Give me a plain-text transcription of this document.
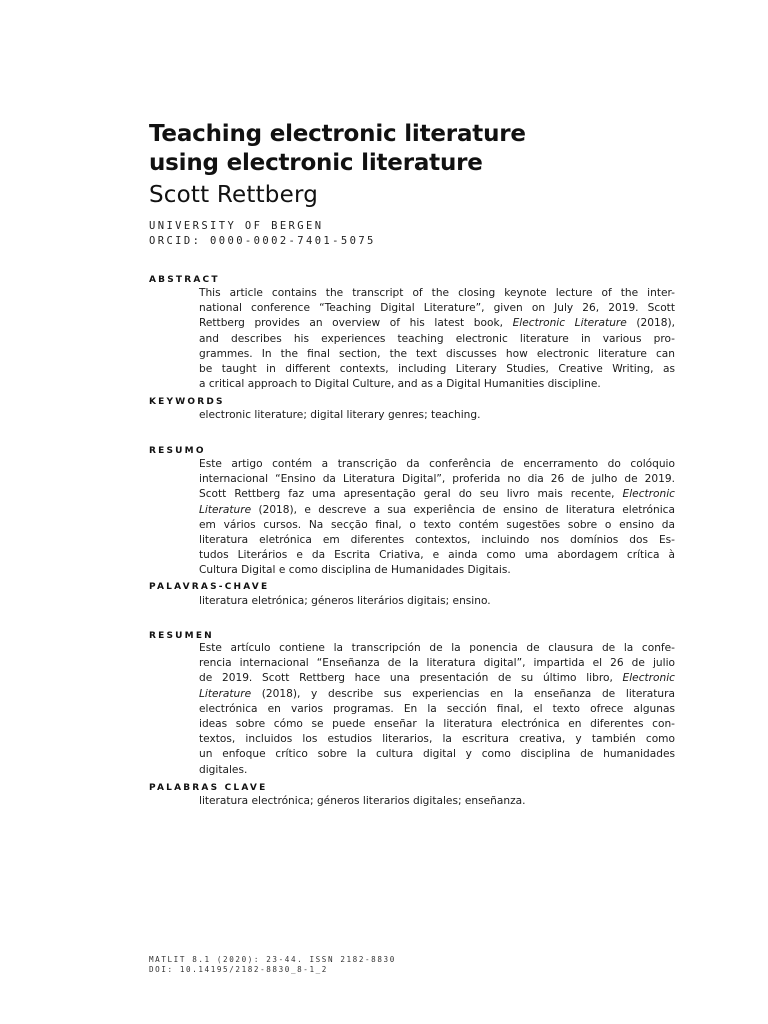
Teaching electronic literature
using electronic literature
Scott Rettberg
UNIVERSITY OF BERGEN
ORCID: 0000-0002-7401-5075
ABSTRACT
This article contains the transcript of the closing keynote lecture of the inter-
national conference “Teaching Digital Literature”, given on July 26, 2019. Scott
Rettberg provides an overview of his latest book, Electronic Literature (2018),
and describes his experiences teaching electronic literature in various pro-
grammes. In the final section, the text discusses how electronic literature can
be taught in different contexts, including Literary Studies, Creative Writing, as
a critical approach to Digital Culture, and as a Digital Humanities discipline.
KEYWORDS
electronic literature; digital literary genres; teaching.
RESUMO
Este artigo contém a transcrição da conferência de encerramento do colóquio
internacional “Ensino da Literatura Digital”, proferida no dia 26 de julho de 2019.
Scott Rettberg faz uma apresentação geral do seu livro mais recente, Electronic
Literature (2018), e descreve a sua experiência de ensino de literatura eletrónica
em vários cursos. Na secção final, o texto contém sugestões sobre o ensino da
literatura eletrónica em diferentes contextos, incluindo nos domínios dos Es-
tudos Literários e da Escrita Criativa, e ainda como uma abordagem crítica à
Cultura Digital e como disciplina de Humanidades Digitais.
PALAVRAS-CHAVE
literatura eletrónica; géneros literários digitais; ensino.
RESUMEN
Este artículo contiene la transcripción de la ponencia de clausura de la confe-
rencia internacional “Enseñanza de la literatura digital”, impartida el 26 de julio
de 2019. Scott Rettberg hace una presentación de su último libro, Electronic
Literature (2018), y describe sus experiencias en la enseñanza de literatura
electrónica en varios programas. En la sección final, el texto ofrece algunas
ideas sobre cómo se puede enseñar la literatura electrónica en diferentes con-
textos, incluidos los estudios literarios, la escritura creativa, y también como
un enfoque crítico sobre la cultura digital y como disciplina de humanidades
digitales.
PALABRAS CLAVE
literatura electrónica; géneros literarios digitales; enseñanza.
MATLIT 8.1 (2020): 23-44. ISSN 2182-8830
DOI: 10.14195/2182-8830_8-1_2
